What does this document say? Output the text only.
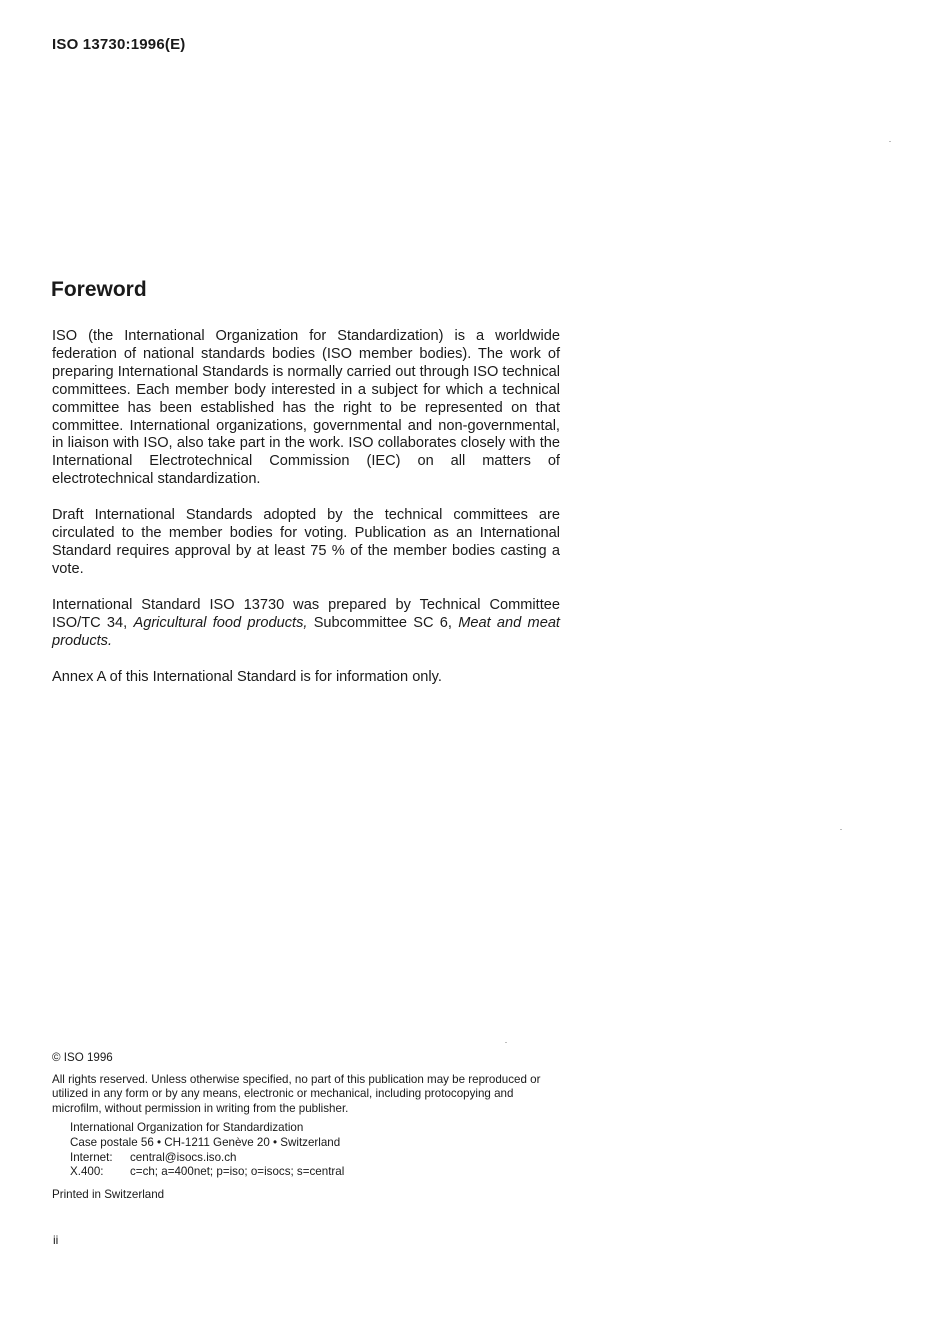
ISO 13730:1996(E)

Foreword

ISO (the International Organization for Standardization) is a worldwide federation of national standards bodies (ISO member bodies). The work of preparing International Standards is normally carried out through ISO technical committees. Each member body interested in a subject for which a technical committee has been established has the right to be represented on that committee. International organizations, governmental and non-governmental, in liaison with ISO, also take part in the work. ISO collaborates closely with the International Electrotechnical Commission (IEC) on all matters of electrotechnical standardization.

Draft International Standards adopted by the technical committees are circulated to the member bodies for voting. Publication as an International Standard requires approval by at least 75 % of the member bodies casting a vote.

International Standard ISO 13730 was prepared by Technical Committee ISO/TC 34, Agricultural food products, Subcommittee SC 6, Meat and meat products.

Annex A of this International Standard is for information only.

© ISO 1996

All rights reserved. Unless otherwise specified, no part of this publication may be reproduced or utilized in any form or by any means, electronic or mechanical, including protocopying and microfilm, without permission in writing from the publisher.

International Organization for Standardization
Case postale 56 • CH-1211 Genève 20 • Switzerland
Internet: central@isocs.iso.ch
X.400: c=ch; a=400net; p=iso; o=isocs; s=central

Printed in Switzerland

ii
